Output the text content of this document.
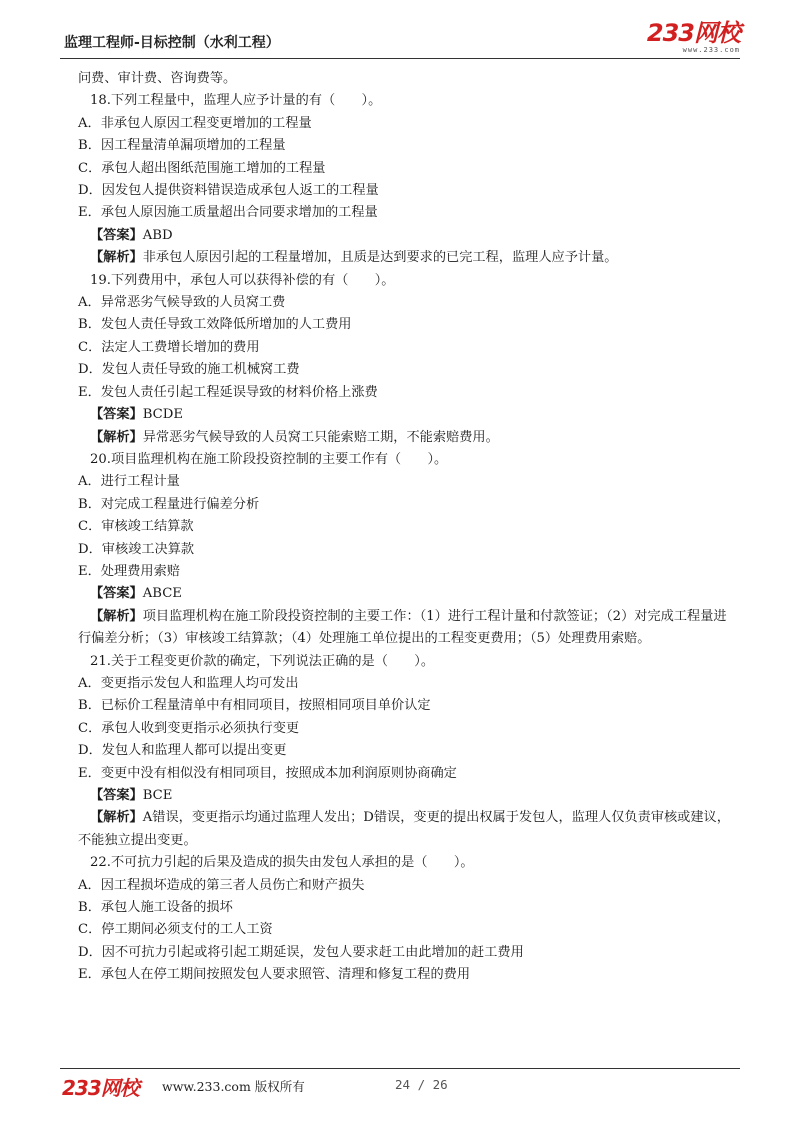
监理工程师-目标控制（水利工程）	233网校
www.233.com
问费、审计费、咨询费等。
18.下列工程量中，监理人应予计量的有（　　）。
A．非承包人原因工程变更增加的工程量
B．因工程量清单漏项增加的工程量
C．承包人超出图纸范围施工增加的工程量
D．因发包人提供资料错误造成承包人返工的工程量
E．承包人原因施工质量超出合同要求增加的工程量
【答案】ABD
【解析】非承包人原因引起的工程量增加，且质是达到要求的已完工程，监理人应予计量。
19.下列费用中，承包人可以获得补偿的有（　　）。
A．异常恶劣气候导致的人员窝工费
B．发包人责任导致工效降低所增加的人工费用
C．法定人工费增长增加的费用
D．发包人责任导致的施工机械窝工费
E．发包人责任引起工程延误导致的材料价格上涨费
【答案】BCDE
【解析】异常恶劣气候导致的人员窝工只能索赔工期，不能索赔费用。
20.项目监理机构在施工阶段投资控制的主要工作有（　　）。
A．进行工程计量
B．对完成工程量进行偏差分析
C．审核竣工结算款
D．审核竣工决算款
E．处理费用索赔
【答案】ABCE
【解析】项目监理机构在施工阶段投资控制的主要工作：（1）进行工程计量和付款签证；（2）对完成工程量进行偏差分析；（3）审核竣工结算款；（4）处理施工单位提出的工程变更费用；（5）处理费用索赔。
21.关于工程变更价款的确定，下列说法正确的是（　　）。
A．变更指示发包人和监理人均可发出
B．已标价工程量清单中有相同项目，按照相同项目单价认定
C．承包人收到变更指示必须执行变更
D．发包人和监理人都可以提出变更
E．变更中没有相似没有相同项目，按照成本加利润原则协商确定
【答案】BCE
【解析】A错误，变更指示均通过监理人发出；D错误，变更的提出权属于发包人，监理人仅负责审核或建议，不能独立提出变更。
22.不可抗力引起的后果及造成的损失由发包人承担的是（　　）。
A．因工程损坏造成的第三者人员伤亡和财产损失
B．承包人施工设备的损坏
C．停工期间必须支付的工人工资
D．因不可抗力引起或将引起工期延误，发包人要求赶工由此增加的赶工费用
E．承包人在停工期间按照发包人要求照管、清理和修复工程的费用
233网校 www.233.com 版权所有	24 / 26
